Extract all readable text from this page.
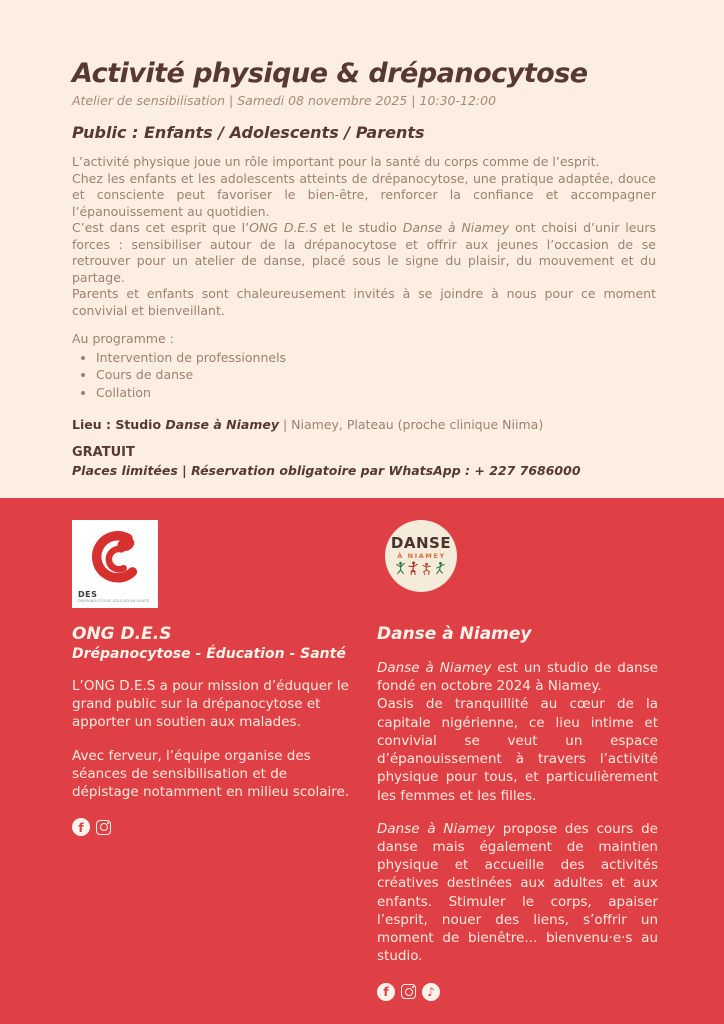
Activité physique & drépanocytose

Atelier de sensibilisation | Samedi 08 novembre 2025 | 10:30-12:00

Public : Enfants / Adolescents / Parents

L’activité physique joue un rôle important pour la santé du corps comme de l’esprit.

Chez les enfants et les adolescents atteints de drépanocytose, une pratique adaptée, douce et consciente peut favoriser le bien-être, renforcer la confiance et accompagner l’épanouissement au quotidien.

C’est dans cet esprit que l’ONG D.E.S et le studio Danse à Niamey ont choisi d’unir leurs forces : sensibiliser autour de la drépanocytose et offrir aux jeunes l’occasion de se retrouver pour un atelier de danse, placé sous le signe du plaisir, du mouvement et du partage.

Parents et enfants sont chaleureusement invités à se joindre à nous pour ce moment convivial et bienveillant.

Au programme :

• Intervention de professionnels
• Cours de danse
• Collation

Lieu : Studio Danse à Niamey | Niamey, Plateau (proche clinique Niima)

GRATUIT

Places limitées | Réservation obligatoire par WhatsApp : + 227 7686000

DES
DRÉPANOCYTOSE-ÉDUCATION-SANTÉ
ONG D.E.S
Drépanocytose - Éducation - Santé

L’ONG D.E.S a pour mission d’éduquer le grand public sur la drépanocytose et apporter un soutien aux malades.

Avec ferveur, l’équipe organise des séances de sensibilisation et de dépistage notamment en milieu scolaire.

f
DANSE
À NIAMEY
Danse à Niamey

Danse à Niamey est un studio de danse fondé en octobre 2024 à Niamey.

Oasis de tranquillité au cœur de la capitale nigérienne, ce lieu intime et convivial se veut un espace d’épanouissement à travers l’activité physique pour tous, et particulièrement les femmes et les filles.

Danse à Niamey propose des cours de danse mais également de maintien physique et accueille des activités créatives destinées aux adultes et aux enfants. Stimuler le corps, apaiser l’esprit, nouer des liens, s’offrir un moment de bienêtre... bienvenu·e·s au studio.

f	♪
